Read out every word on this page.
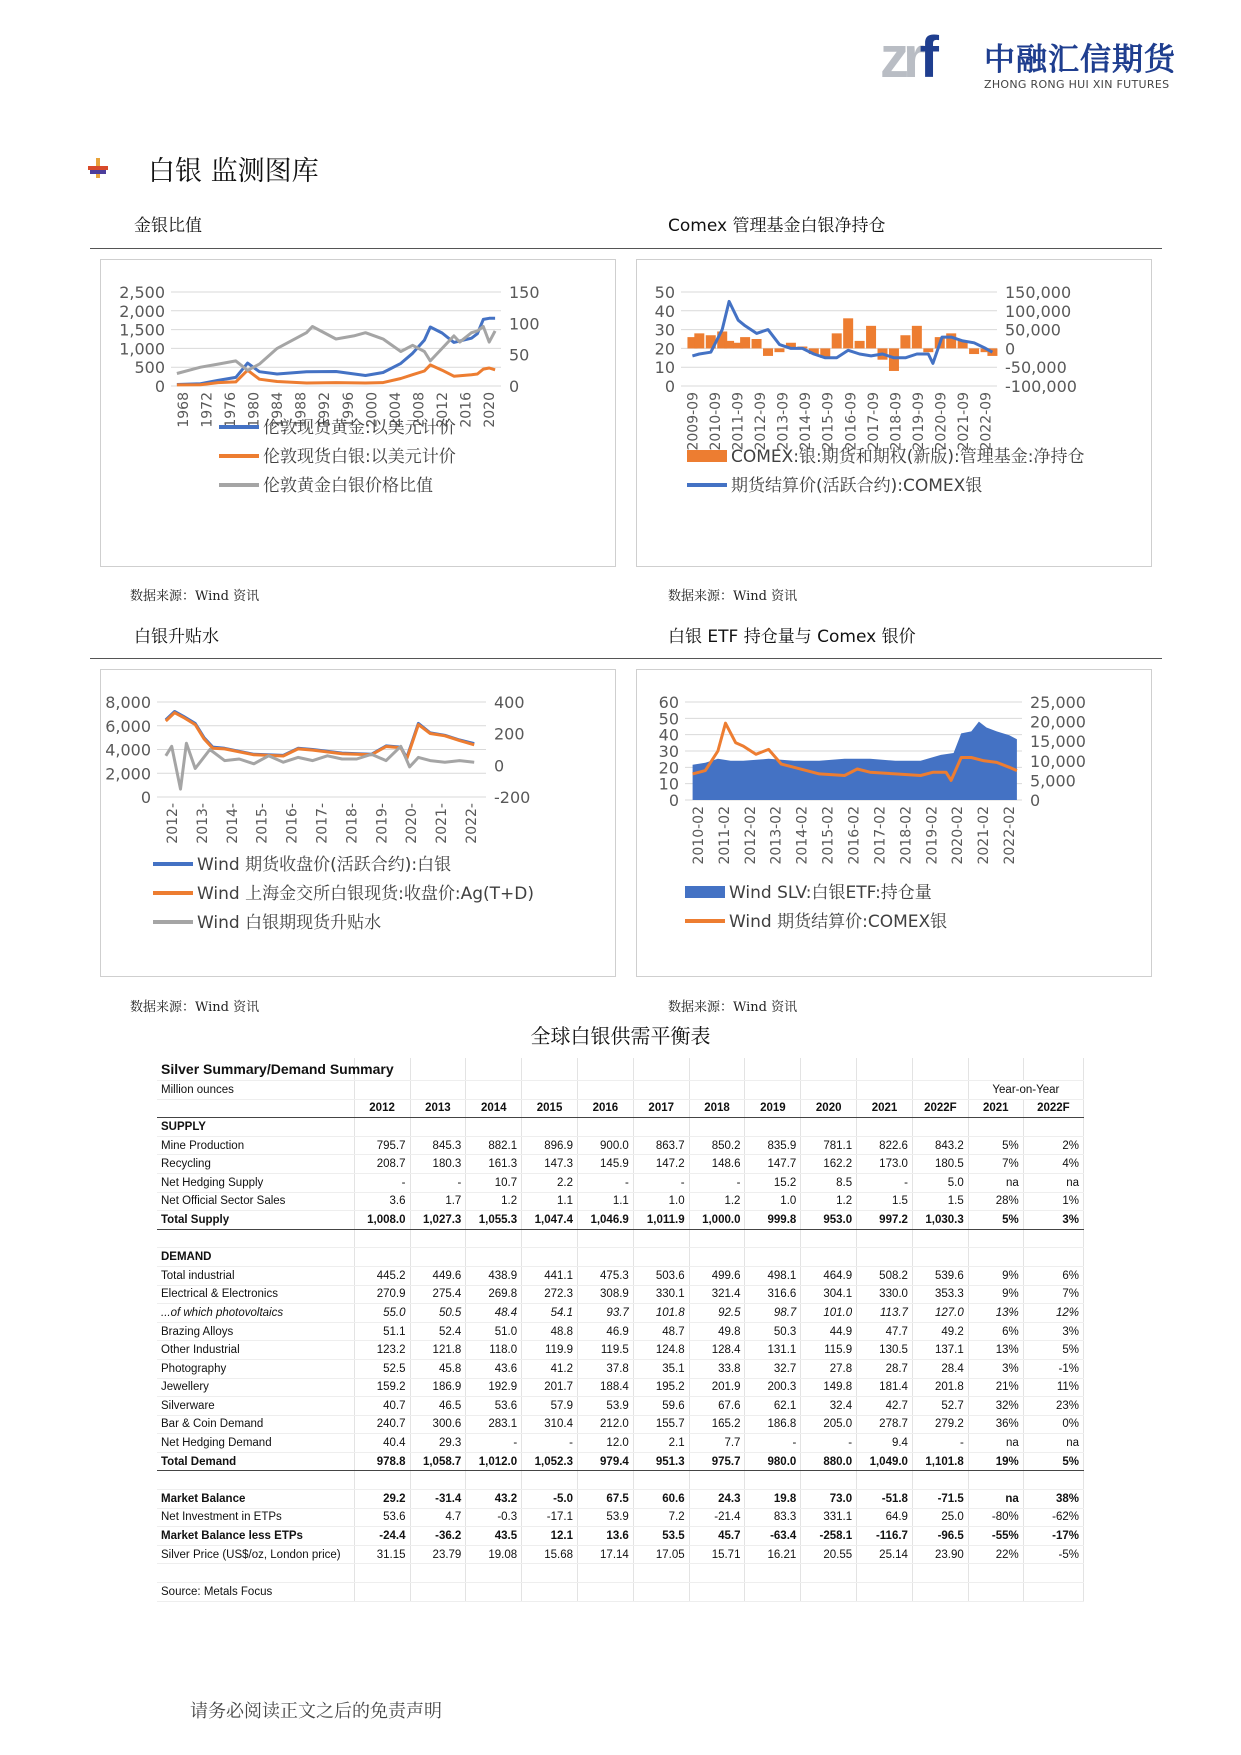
zrf 中融汇信期货
ZHONG RONG HUI XIN FUTURES
白银 监测图库
金银比值	Comex 管理基金白银净持仓
白银升贴水	白银 ETF 持仓量与 Comex 银价
2,500
2,000
1,500
1,000
500
0
150
100
50
0
1968 1972 1976 1980 1984 1988 1992 1996 2000 2004 2008 2012 2016 2020
伦敦现货黄金:以美元计价
伦敦现货白银:以美元计价
伦敦黄金白银价格比值
50
40
30
20
10
0
150,000
100,000
50,000
0
-50,000
-100,000
2009-09 2010-09 2011-09 2012-09 2013-09 2014-09 2015-09 2016-09 2017-09 2018-09 2019-09 2020-09 2021-09 2022-09
COMEX:银:期货和期权(新版):管理基金:净持仓
期货结算价(活跃合约):COMEX银
8,000
6,000
4,000
2,000
0
400
200
0
-200
2012- 2013- 2014- 2015- 2016- 2017- 2018- 2019- 2020- 2021- 2022-
Wind 期货收盘价(活跃合约):白银
Wind 上海金交所白银现货:收盘价:Ag(T+D)
Wind 白银期现货升贴水
60
50
40
30
20
10
0
25,000
20,000
15,000
10,000
5,000
0
2010-02 2011-02 2012-02 2013-02 2014-02 2015-02 2016-02 2017-02 2018-02 2019-02 2020-02 2021-02 2022-02
Wind SLV:白银ETF:持仓量
Wind 期货结算价:COMEX银
数据来源：Wind 资讯	数据来源：Wind 资讯
数据来源：Wind 资讯	数据来源：Wind 资讯
全球白银供需平衡表
Silver Summary/Demand Summary													
Million ounces												Year-on-Year	
	2012	2013	2014	2015	2016	2017	2018	2019	2020	2021	2022F	2021	2022F
SUPPLY													
Mine Production	795.7	845.3	882.1	896.9	900.0	863.7	850.2	835.9	781.1	822.6	843.2	5%	2%
Recycling	208.7	180.3	161.3	147.3	145.9	147.2	148.6	147.7	162.2	173.0	180.5	7%	4%
Net Hedging Supply	-	-	10.7	2.2	-	-	-	15.2	8.5	-	5.0	na	na
Net Official Sector Sales	3.6	1.7	1.2	1.1	1.1	1.0	1.2	1.0	1.2	1.5	1.5	28%	1%
Total Supply	1,008.0	1,027.3	1,055.3	1,047.4	1,046.9	1,011.9	1,000.0	999.8	953.0	997.2	1,030.3	5%	3%

DEMAND													
Total industrial	445.2	449.6	438.9	441.1	475.3	503.6	499.6	498.1	464.9	508.2	539.6	9%	6%
Electrical & Electronics	270.9	275.4	269.8	272.3	308.9	330.1	321.4	316.6	304.1	330.0	353.3	9%	7%
...of which photovoltaics	55.0	50.5	48.4	54.1	93.7	101.8	92.5	98.7	101.0	113.7	127.0	13%	12%
Brazing Alloys	51.1	52.4	51.0	48.8	46.9	48.7	49.8	50.3	44.9	47.7	49.2	6%	3%
Other Industrial	123.2	121.8	118.0	119.9	119.5	124.8	128.4	131.1	115.9	130.5	137.1	13%	5%
Photography	52.5	45.8	43.6	41.2	37.8	35.1	33.8	32.7	27.8	28.7	28.4	3%	-1%
Jewellery	159.2	186.9	192.9	201.7	188.4	195.2	201.9	200.3	149.8	181.4	201.8	21%	11%
Silverware	40.7	46.5	53.6	57.9	53.9	59.6	67.6	62.1	32.4	42.7	52.7	32%	23%
Bar & Coin Demand	240.7	300.6	283.1	310.4	212.0	155.7	165.2	186.8	205.0	278.7	279.2	36%	0%
Net Hedging Demand	40.4	29.3	-	-	12.0	2.1	7.7	-	-	9.4	-	na	na
Total Demand	978.8	1,058.7	1,012.0	1,052.3	979.4	951.3	975.7	980.0	880.0	1,049.0	1,101.8	19%	5%

Market Balance	29.2	-31.4	43.2	-5.0	67.5	60.6	24.3	19.8	73.0	-51.8	-71.5	na	38%
Net Investment in ETPs	53.6	4.7	-0.3	-17.1	53.9	7.2	-21.4	83.3	331.1	64.9	25.0	-80%	-62%
Market Balance less ETPs	-24.4	-36.2	43.5	12.1	13.6	53.5	45.7	-63.4	-258.1	-116.7	-96.5	-55%	-17%
Silver Price (US$/oz, London price)	31.15	23.79	19.08	15.68	17.14	17.05	15.71	16.21	20.55	25.14	23.90	22%	-5%

Source: Metals Focus													
请务必阅读正文之后的免责声明
